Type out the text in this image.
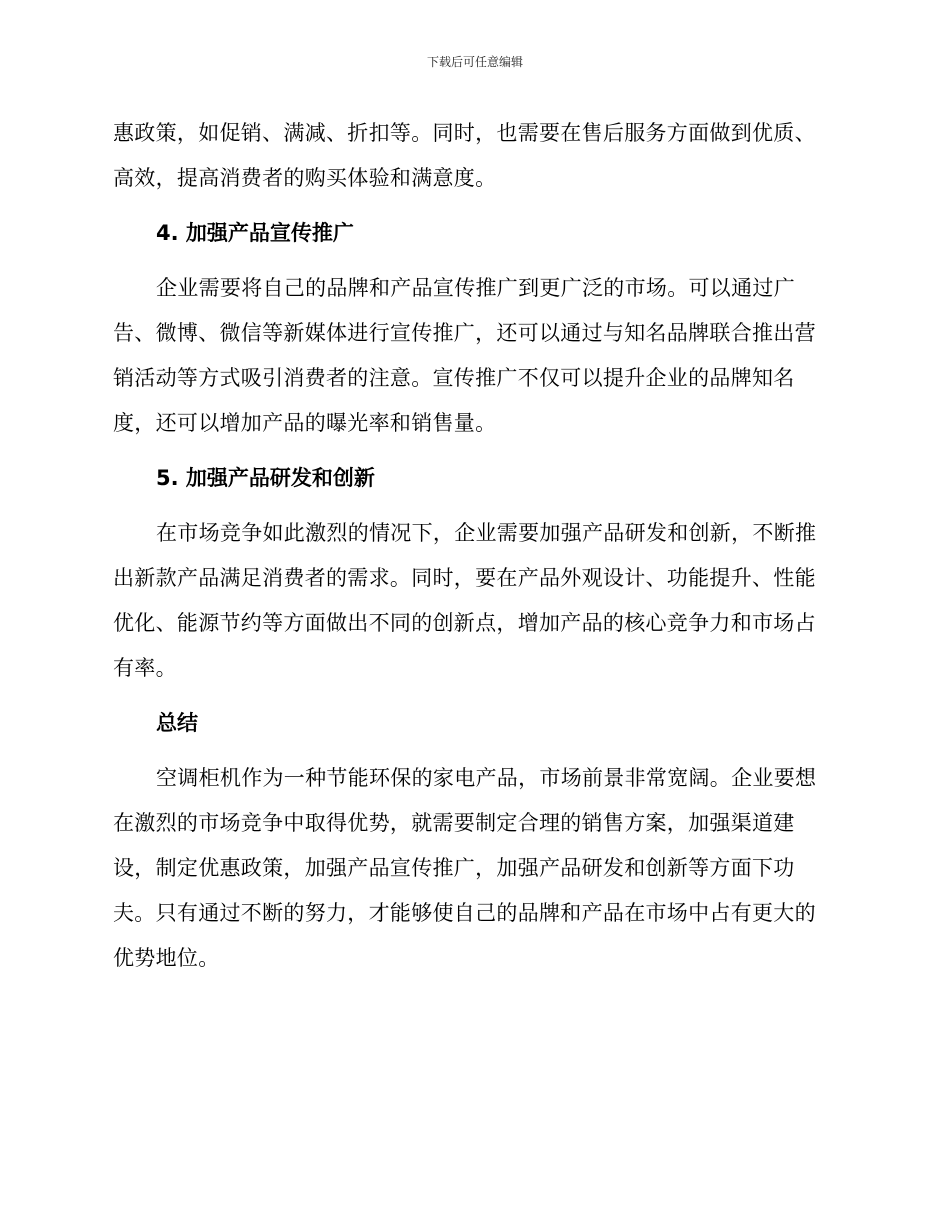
下载后可任意编辑

惠政策，如促销、满减、折扣等。同时，也需要在售后服务方面做到优质、
高效，提高消费者的购买体验和满意度。

4. 加强产品宣传推广

企业需要将自己的品牌和产品宣传推广到更广泛的市场。可以通过广
告、微博、微信等新媒体进行宣传推广，还可以通过与知名品牌联合推出营
销活动等方式吸引消费者的注意。宣传推广不仅可以提升企业的品牌知名
度，还可以增加产品的曝光率和销售量。

5. 加强产品研发和创新

在市场竞争如此激烈的情况下，企业需要加强产品研发和创新，不断推
出新款产品满足消费者的需求。同时，要在产品外观设计、功能提升、性能
优化、能源节约等方面做出不同的创新点，增加产品的核心竞争力和市场占
有率。

总结

空调柜机作为一种节能环保的家电产品，市场前景非常宽阔。企业要想
在激烈的市场竞争中取得优势，就需要制定合理的销售方案，加强渠道建
设，制定优惠政策，加强产品宣传推广，加强产品研发和创新等方面下功
夫。只有通过不断的努力，才能够使自己的品牌和产品在市场中占有更大的
优势地位。
